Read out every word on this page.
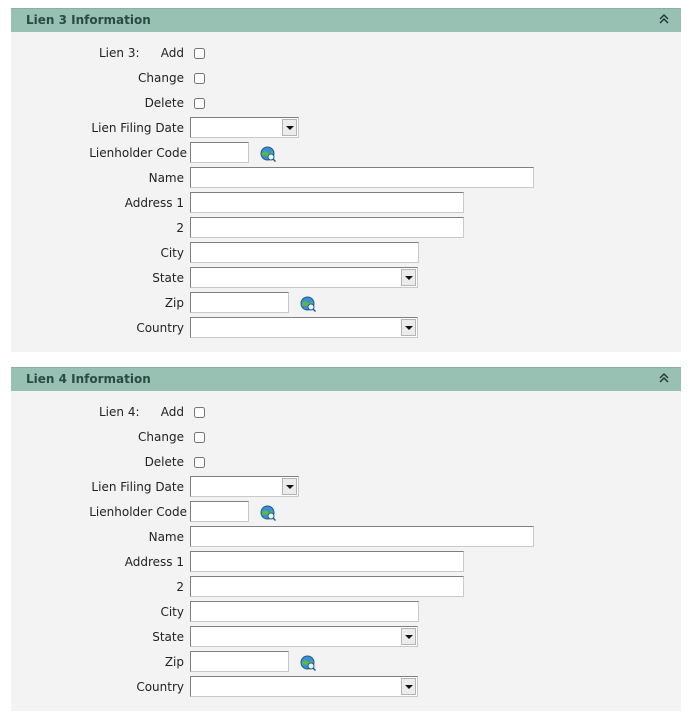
Lien 3 Information
Lien 3: Add
Change
Delete
Lien Filing Date
Lienholder Code
Name
Address 1
2
City
State
Zip
Country
Lien 4 Information
Lien 4: Add
Change
Delete
Lien Filing Date
Lienholder Code
Name
Address 1
2
City
State
Zip
Country
